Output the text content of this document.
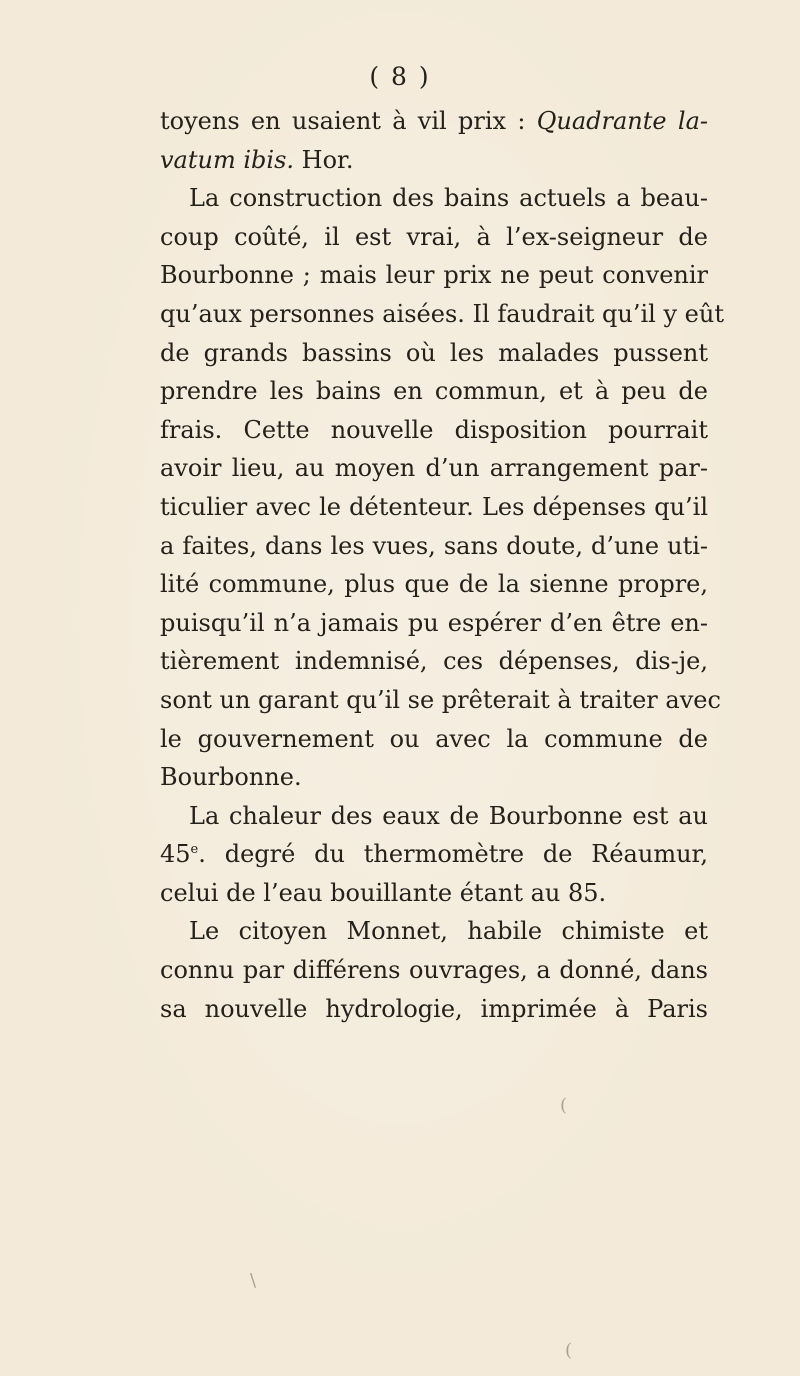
( 8 )
toyens en usaient à vil prix : Quadrante la-
vatum ibis. Hor.
La construction des bains actuels a beau-
coup coûté, il est vrai, à l’ex-seigneur de
Bourbonne ; mais leur prix ne peut convenir
qu’aux personnes aisées. Il faudrait qu’il y eût
de grands bassins où les malades pussent
prendre les bains en commun, et à peu de
frais. Cette nouvelle disposition pourrait
avoir lieu, au moyen d’un arrangement par-
ticulier avec le détenteur. Les dépenses qu’il
a faites, dans les vues, sans doute, d’une uti-
lité commune, plus que de la sienne propre,
puisqu’il n’a jamais pu espérer d’en être en-
tièrement indemnisé, ces dépenses, dis-je,
sont un garant qu’il se prêterait à traiter avec
le gouvernement ou avec la commune de
Bourbonne.
La chaleur des eaux de Bourbonne est au
45e. degré du thermomètre de Réaumur,
celui de l’eau bouillante étant au 85.
Le citoyen Monnet, habile chimiste et
connu par différens ouvrages, a donné, dans
sa nouvelle hydrologie, imprimée à Paris
(
\
(
